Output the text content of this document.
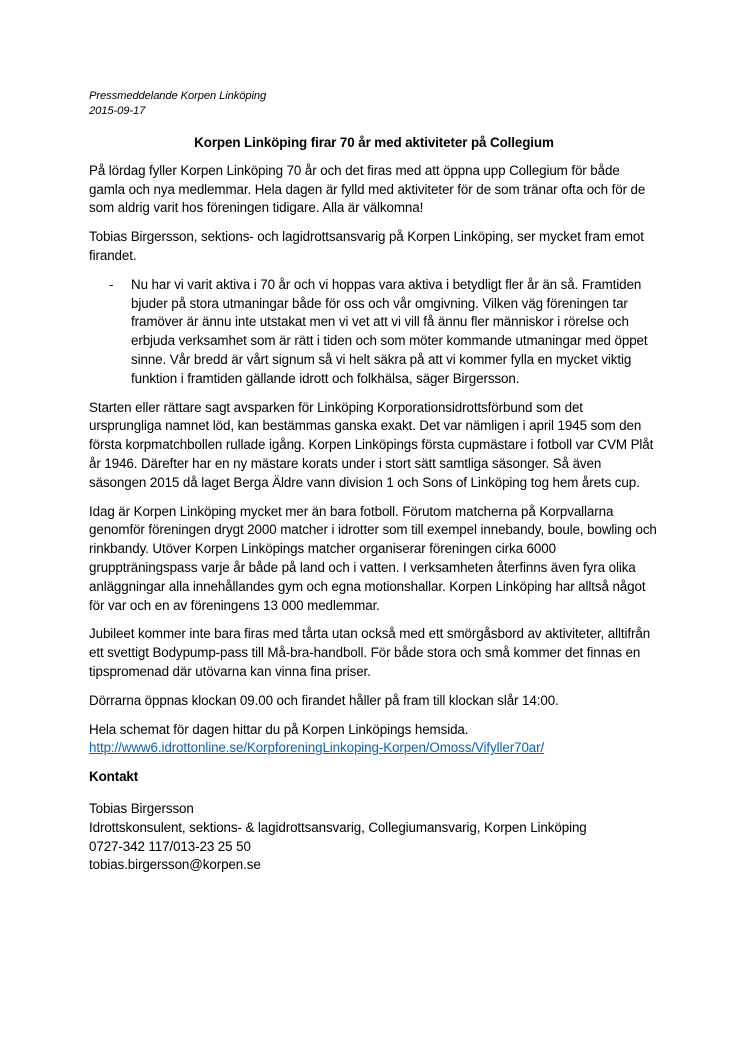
Pressmeddelande Korpen Linköping
2015-09-17
Korpen Linköping firar 70 år med aktiviteter på Collegium

På lördag fyller Korpen Linköping 70 år och det firas med att öppna upp Collegium för både gamla och nya medlemmar. Hela dagen är fylld med aktiviteter för de som tränar ofta och för de som aldrig varit hos föreningen tidigare. Alla är välkomna!

Tobias Birgersson, sektions- och lagidrottsansvarig på Korpen Linköping, ser mycket fram emot firandet.

- Nu har vi varit aktiva i 70 år och vi hoppas vara aktiva i betydligt fler år än så. Framtiden bjuder på stora utmaningar både för oss och vår omgivning. Vilken väg föreningen tar framöver är ännu inte utstakat men vi vet att vi vill få ännu fler människor i rörelse och erbjuda verksamhet som är rätt i tiden och som möter kommande utmaningar med öppet sinne. Vår bredd är vårt signum så vi helt säkra på att vi kommer fylla en mycket viktig funktion i framtiden gällande idrott och folkhälsa, säger Birgersson.

Starten eller rättare sagt avsparken för Linköping Korporationsidrottsförbund som det ursprungliga namnet löd, kan bestämmas ganska exakt. Det var nämligen i april 1945 som den första korpmatchbollen rullade igång. Korpen Linköpings första cupmästare i fotboll var CVM Plåt år 1946. Därefter har en ny mästare korats under i stort sätt samtliga säsonger. Så även säsongen 2015 då laget Berga Äldre vann division 1 och Sons of Linköping tog hem årets cup.

Idag är Korpen Linköping mycket mer än bara fotboll. Förutom matcherna på Korpvallarna genomför föreningen drygt 2000 matcher i idrotter som till exempel innebandy, boule, bowling och rinkbandy. Utöver Korpen Linköpings matcher organiserar föreningen cirka 6000 gruppträningspass varje år både på land och i vatten. I verksamheten återfinns även fyra olika anläggningar alla innehållandes gym och egna motionshallar. Korpen Linköping har alltså något för var och en av föreningens 13 000 medlemmar.

Jubileet kommer inte bara firas med tårta utan också med ett smörgåsbord av aktiviteter, alltifrån ett svettigt Bodypump-pass till Må-bra-handboll. För både stora och små kommer det finnas en tipspromenad där utövarna kan vinna fina priser.

Dörrarna öppnas klockan 09.00 och firandet håller på fram till klockan slår 14:00.

Hela schemat för dagen hittar du på Korpen Linköpings hemsida.
http://www6.idrottonline.se/KorpforeningLinkoping-Korpen/Omoss/Vifyller70ar/

Kontakt
Tobias Birgersson
Idrottskonsulent, sektions- & lagidrottsansvarig, Collegiumansvarig, Korpen Linköping
0727-342 117/013-23 25 50
tobias.birgersson@korpen.se
